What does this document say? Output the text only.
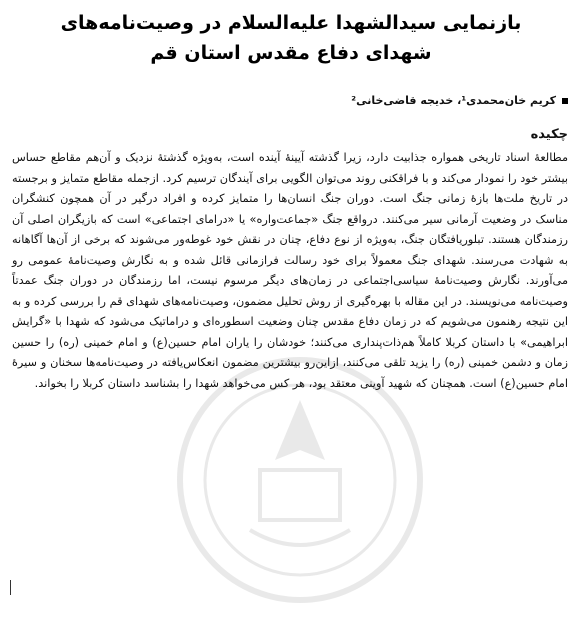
بازنمایی سیدالشهدا علیه‌السلام در وصیت‌نامه‌های
شهدای دفاع مقدس استان قم
کریم خان‌محمدی¹، خدیجه قاضی‌خانی²
چکیده
مطالعهٔ اسناد تاریخی همواره جذابیت دارد، زیرا گذشته آیینهٔ آینده است، به‌ویژه گذشتهٔ نزدیک و آن‌هم مقاطع حساس بیشتر خود را نمودار می‌کند و با فراقکنی روند می‌توان الگویی برای آیندگان ترسیم کرد. ازجمله مقاطع متمایز و برجسته در تاریخ ملت‌ها بازهٔ زمانی جنگ است. دوران جنگ انسان‌ها را متمایز کرده و افراد درگیر در آن همچون کنشگران مناسک در وضعیت آرمانی سیر می‌کنند. درواقع جنگ «جماعت‌واره» یا «درامای اجتماعی» است که بازیگران اصلی آن رزمندگان هستند. تبلوریافتگان جنگ، به‌ویژه از نوع دفاع، چنان در نقش خود غوطه‌ور می‌شوند که برخی از آن‌ها آگاهانه به شهادت می‌رسند. شهدای جنگ معمولاً برای خود رسالت فرازمانی قائل شده و به نگارش وصیت‌نامهٔ عمومی رو می‌آورند. نگارش وصیت‌نامهٔ سیاسی‌اجتماعی در زمان‌های دیگر مرسوم نیست، اما رزمندگان در دوران جنگ عمدتاً وصیت‌نامه می‌نویسند. در این مقاله با بهره‌گیری از روش تحلیل مضمون، وصیت‌نامه‌های شهدای قم را بررسی کرده و به این نتیجه رهنمون می‌شویم که در زمان دفاع مقدس چنان وضعیت اسطوره‌ای و دراماتیک می‌شود که شهدا با «گرایش ابراهیمی» با داستان کربلا کاملاً هم‌ذات‌پنداری می‌کنند؛ خودشان را یاران امام حسین(ع) و امام خمینی (ره) را حسین زمان و دشمن خمینی (ره) را یزید تلقی می‌کنند، ازاین‌رو بیشترین مضمون انعکاس‌یافته در وصیت‌نامه‌ها سخنان و سیرهٔ امام حسین(ع) است. همچنان که شهید آوینی معتقد بود، هر کس می‌خواهد شهدا را بشناسد داستان کربلا را بخواند.
